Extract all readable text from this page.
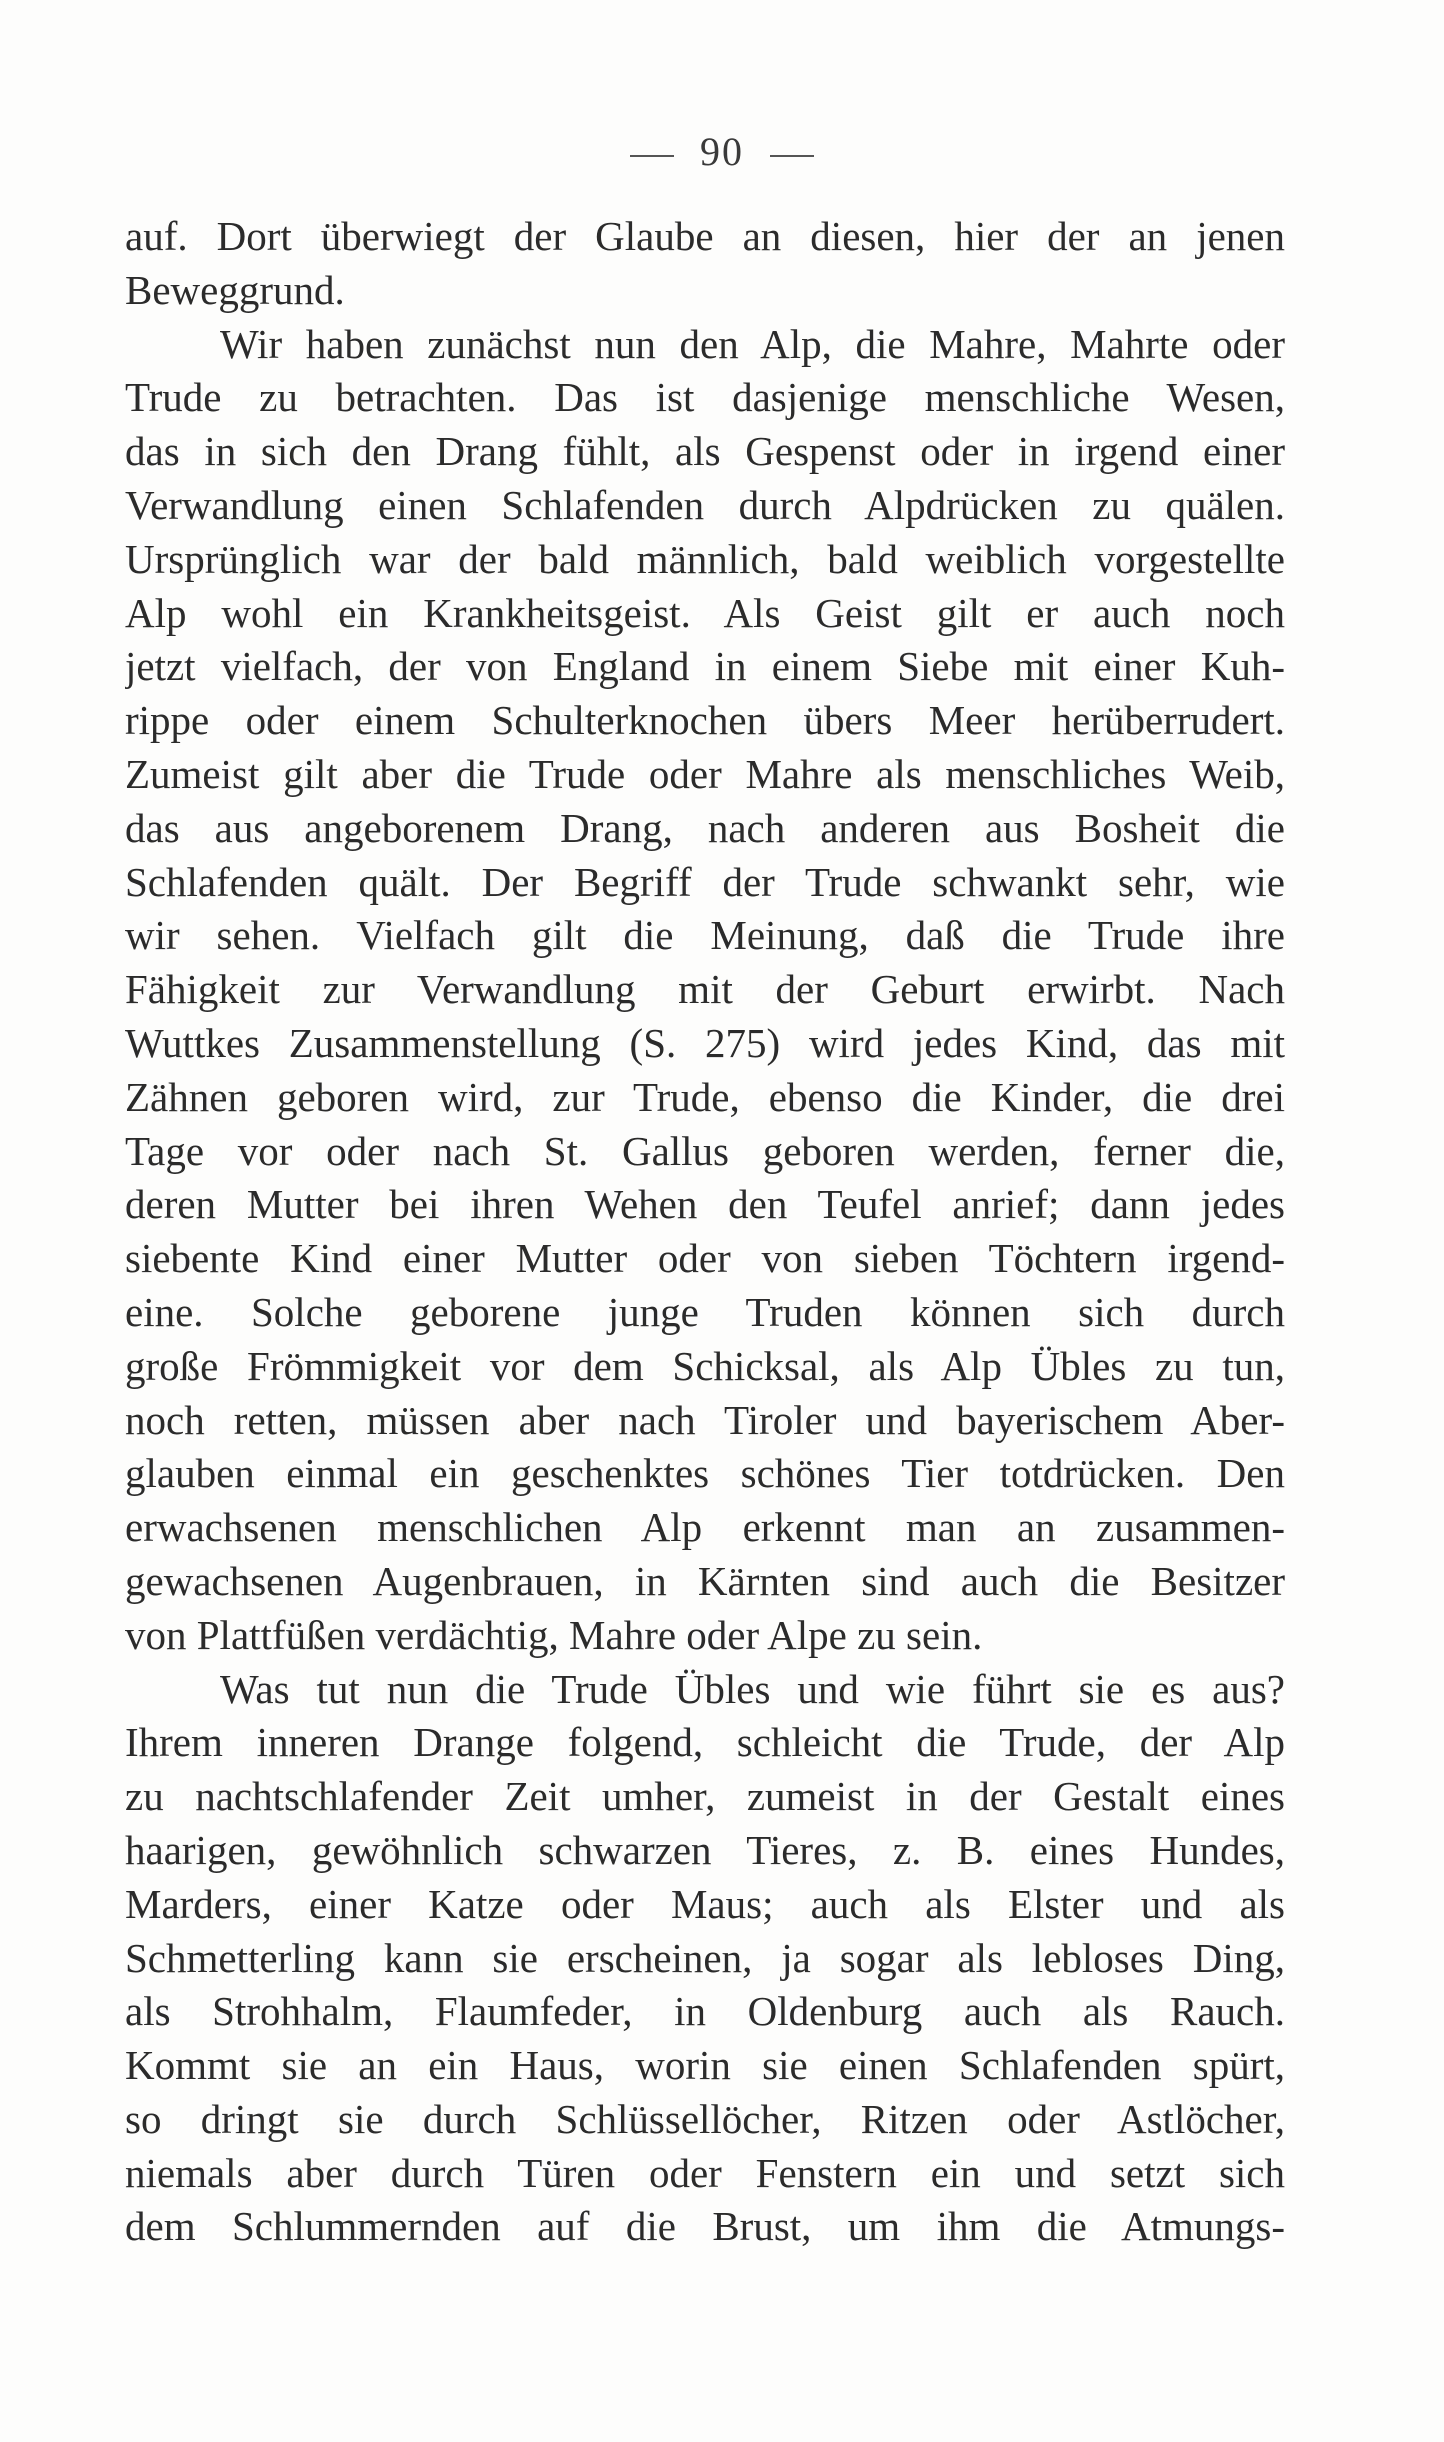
90
auf. Dort überwiegt der Glaube an diesen, hier der an jenen
Beweggrund.
Wir haben zunächst nun den Alp, die Mahre, Mahrte oder
Trude zu betrachten. Das ist dasjenige menschliche Wesen,
das in sich den Drang fühlt, als Gespenst oder in irgend einer
Verwandlung einen Schlafenden durch Alpdrücken zu quälen.
Ursprünglich war der bald männlich, bald weiblich vorgestellte
Alp wohl ein Krankheitsgeist. Als Geist gilt er auch noch
jetzt vielfach, der von England in einem Siebe mit einer Kuh-
rippe oder einem Schulterknochen übers Meer herüberrudert.
Zumeist gilt aber die Trude oder Mahre als menschliches Weib,
das aus angeborenem Drang, nach anderen aus Bosheit die
Schlafenden quält. Der Begriff der Trude schwankt sehr, wie
wir sehen. Vielfach gilt die Meinung, daß die Trude ihre
Fähigkeit zur Verwandlung mit der Geburt erwirbt. Nach
Wuttkes Zusammenstellung (S. 275) wird jedes Kind, das mit
Zähnen geboren wird, zur Trude, ebenso die Kinder, die drei
Tage vor oder nach St. Gallus geboren werden, ferner die,
deren Mutter bei ihren Wehen den Teufel anrief; dann jedes
siebente Kind einer Mutter oder von sieben Töchtern irgend-
eine. Solche geborene junge Truden können sich durch
große Frömmigkeit vor dem Schicksal, als Alp Übles zu tun,
noch retten, müssen aber nach Tiroler und bayerischem Aber-
glauben einmal ein geschenktes schönes Tier totdrücken. Den
erwachsenen menschlichen Alp erkennt man an zusammen-
gewachsenen Augenbrauen, in Kärnten sind auch die Besitzer
von Plattfüßen verdächtig, Mahre oder Alpe zu sein.
Was tut nun die Trude Übles und wie führt sie es aus?
Ihrem inneren Drange folgend, schleicht die Trude, der Alp
zu nachtschlafender Zeit umher, zumeist in der Gestalt eines
haarigen, gewöhnlich schwarzen Tieres, z. B. eines Hundes,
Marders, einer Katze oder Maus; auch als Elster und als
Schmetterling kann sie erscheinen, ja sogar als lebloses Ding,
als Strohhalm, Flaumfeder, in Oldenburg auch als Rauch.
Kommt sie an ein Haus, worin sie einen Schlafenden spürt,
so dringt sie durch Schlüssellöcher, Ritzen oder Astlöcher,
niemals aber durch Türen oder Fenstern ein und setzt sich
dem Schlummernden auf die Brust, um ihm die Atmungs-
